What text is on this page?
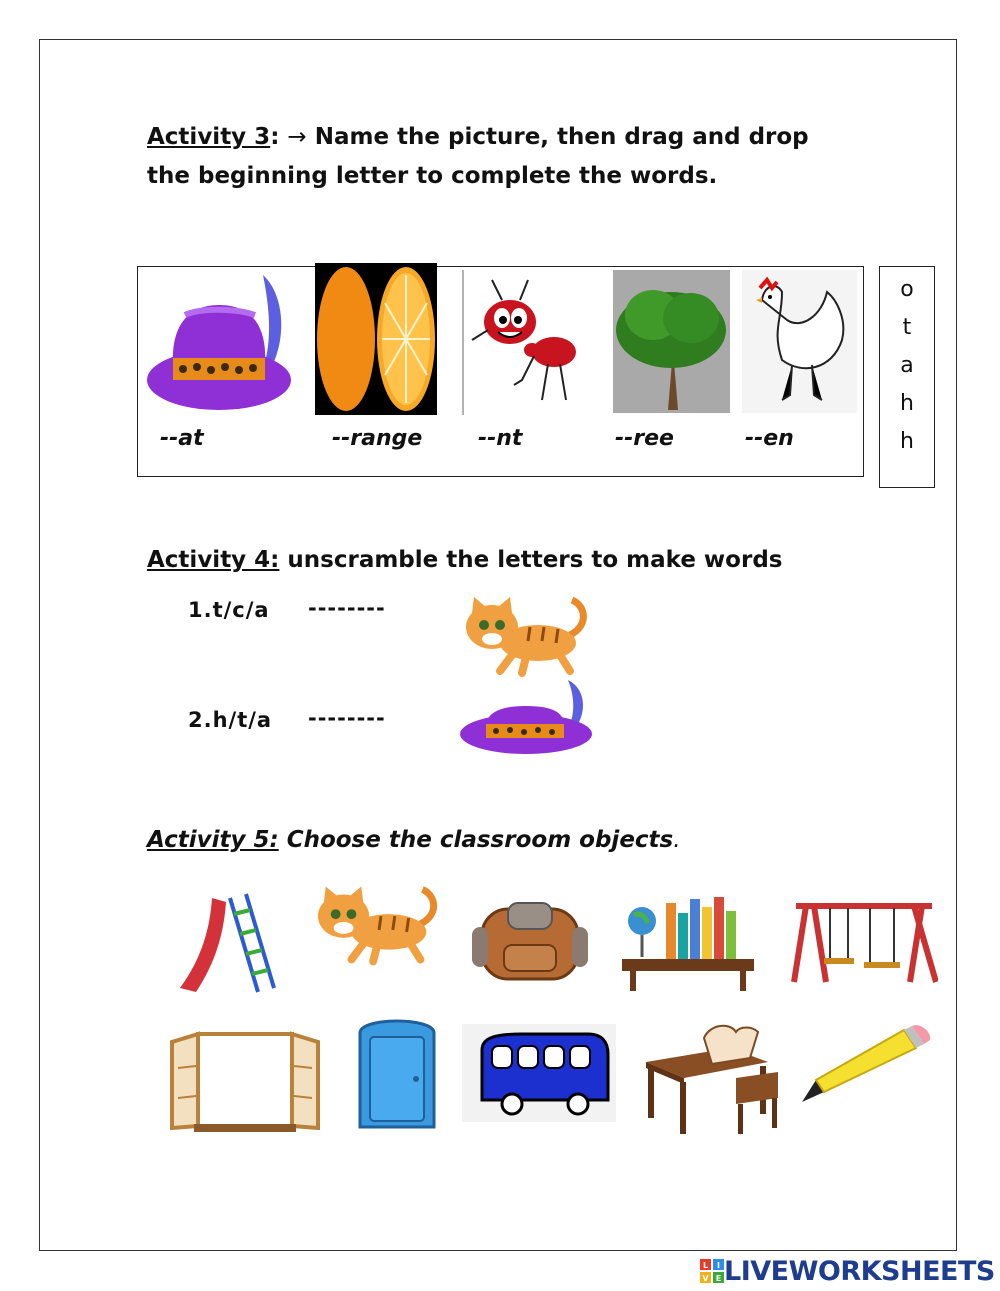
Activity 3: → Name the picture, then drag and drop
the beginning letter to complete the words.
--at	--range	--nt	--ree	--en
o
t
a
h
h
Activity 4: unscramble the letters to make words
1.t/c/a --------
2.h/t/a --------
Activity 5: Choose the classroom objects.
L I
V E LIVEWORKSHEETS
